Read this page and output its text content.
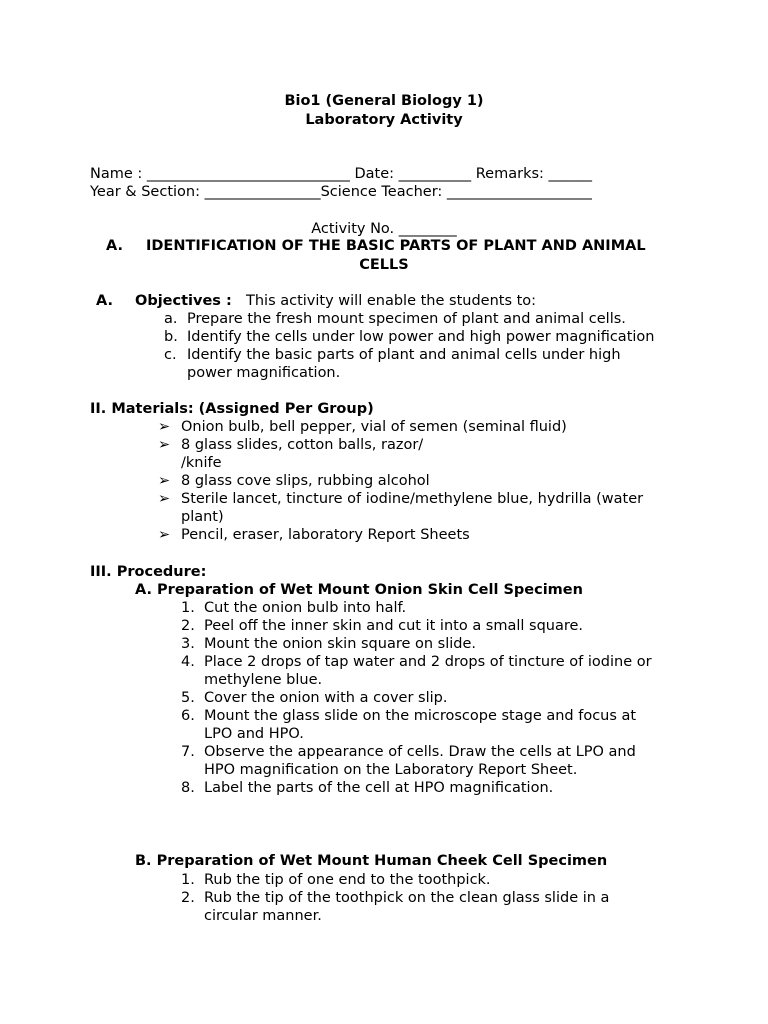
Bio1 (General Biology 1)
Laboratory Activity
Name : ____________________________ Date: __________ Remarks: ______
Year & Section: ________________Science Teacher: ____________________
Activity No. ________
A. IDENTIFICATION OF THE BASIC PARTS OF PLANT AND ANIMAL
CELLS
A. Objectives : This activity will enable the students to:
a. Prepare the fresh mount specimen of plant and animal cells.
b. Identify the cells under low power and high power magnification
c. Identify the basic parts of plant and animal cells under high
power magnification.
II. Materials: (Assigned Per Group)
➢ Onion bulb, bell pepper, vial of semen (seminal fluid)
➢ 8 glass slides, cotton balls, razor/
/knife
➢ 8 glass cove slips, rubbing alcohol
➢ Sterile lancet, tincture of iodine/methylene blue, hydrilla (water
plant)
➢ Pencil, eraser, laboratory Report Sheets
III. Procedure:
A. Preparation of Wet Mount Onion Skin Cell Specimen
1. Cut the onion bulb into half.
2. Peel off the inner skin and cut it into a small square.
3. Mount the onion skin square on slide.
4. Place 2 drops of tap water and 2 drops of tincture of iodine or
methylene blue.
5. Cover the onion with a cover slip.
6. Mount the glass slide on the microscope stage and focus at
LPO and HPO.
7. Observe the appearance of cells. Draw the cells at LPO and
HPO magnification on the Laboratory Report Sheet.
8. Label the parts of the cell at HPO magnification.
B. Preparation of Wet Mount Human Cheek Cell Specimen
1. Rub the tip of one end to the toothpick.
2. Rub the tip of the toothpick on the clean glass slide in a
circular manner.
